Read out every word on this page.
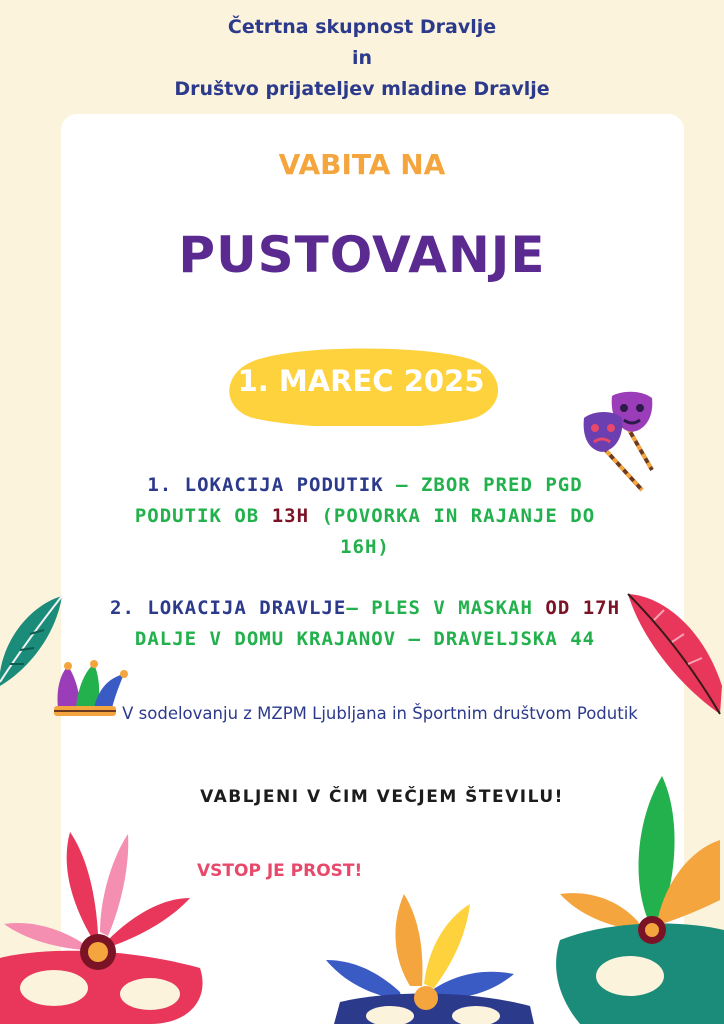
Četrtna skupnost Dravlje
in
Društvo prijateljev mladine Dravlje
VABITA NA
PUSTOVANJE
1. MAREC 2025
1. LOKACIJA PODUTIK – ZBOR PRED PGD PODUTIK OB 13H (POVORKA IN RAJANJE DO 16H)
2. LOKACIJA DRAVLJE– PLES V MASKAH OD 17H DALJE V DOMU KRAJANOV – DRAVELJSKA 44
V sodelovanju z MZPM Ljubljana in Športnim društvom Podutik
VABLJENI V ČIM VEČJEM ŠTEVILU!
VSTOP JE PROST!
